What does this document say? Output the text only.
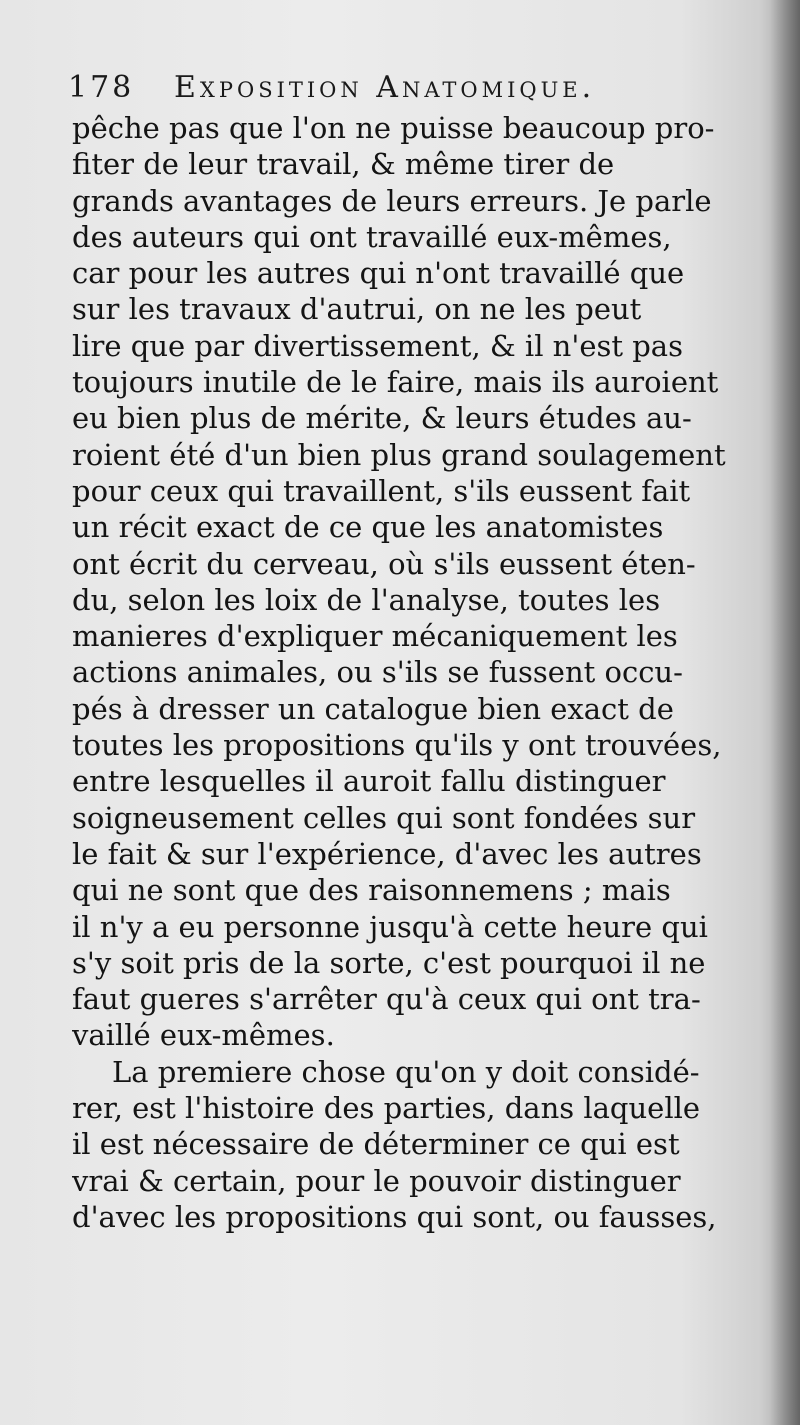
178 Exposition Anatomique.
pêche pas que l'on ne puisse beaucoup pro-
fiter de leur travail, & même tirer de
grands avantages de leurs erreurs. Je parle
des auteurs qui ont travaillé eux-mêmes,
car pour les autres qui n'ont travaillé que
sur les travaux d'autrui, on ne les peut
lire que par divertissement, & il n'est pas
toujours inutile de le faire, mais ils auroient
eu bien plus de mérite, & leurs études au-
roient été d'un bien plus grand soulagement
pour ceux qui travaillent, s'ils eussent fait
un récit exact de ce que les anatomistes
ont écrit du cerveau, où s'ils eussent éten-
du, selon les loix de l'analyse, toutes les
manieres d'expliquer mécaniquement les
actions animales, ou s'ils se fussent occu-
pés à dresser un catalogue bien exact de
toutes les propositions qu'ils y ont trouvées,
entre lesquelles il auroit fallu distinguer
soigneusement celles qui sont fondées sur
le fait & sur l'expérience, d'avec les autres
qui ne sont que des raisonnemens ; mais
il n'y a eu personne jusqu'à cette heure qui
s'y soit pris de la sorte, c'est pourquoi il ne
faut gueres s'arrêter qu'à ceux qui ont tra-
vaillé eux-mêmes.
La premiere chose qu'on y doit considé-
rer, est l'histoire des parties, dans laquelle
il est nécessaire de déterminer ce qui est
vrai & certain, pour le pouvoir distinguer
d'avec les propositions qui sont, ou fausses,
